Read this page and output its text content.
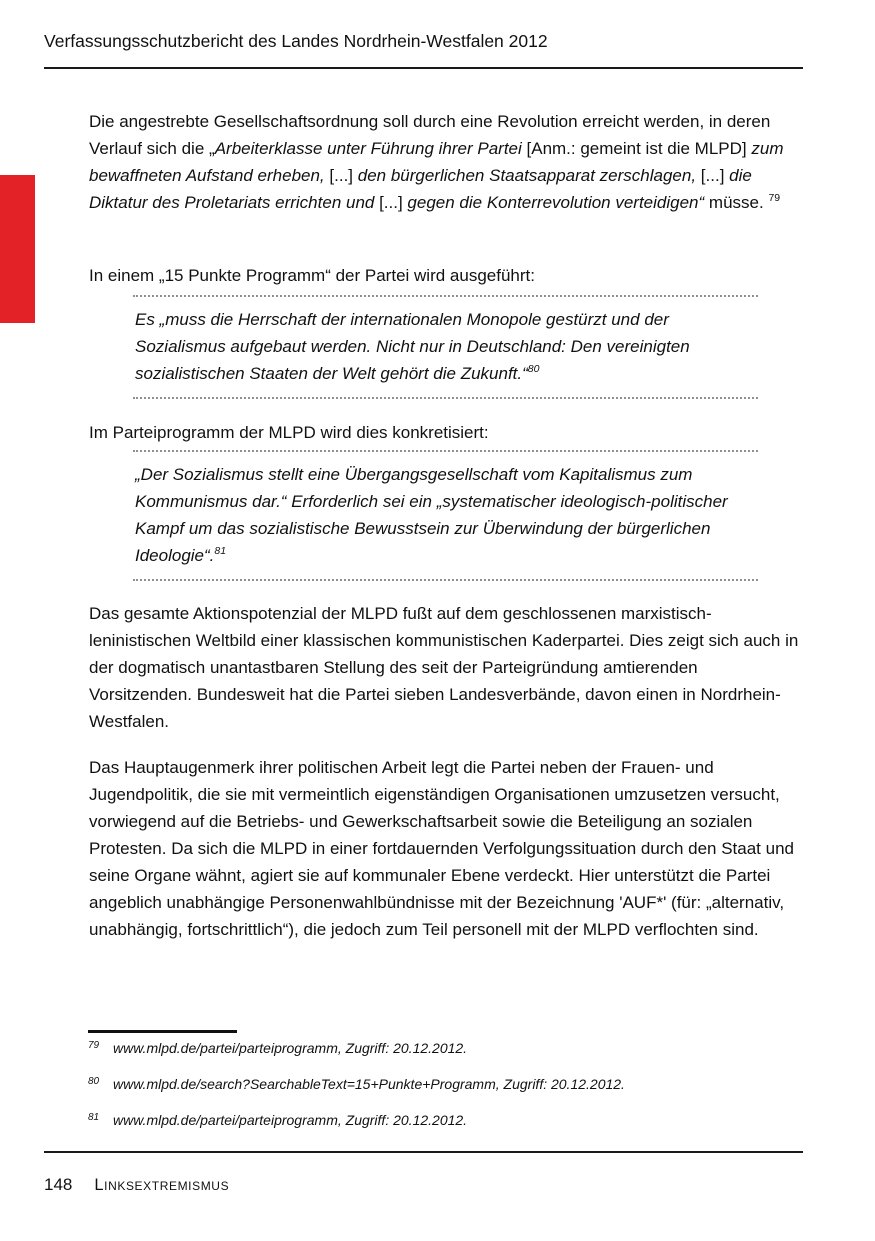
Verfassungsschutzbericht des Landes Nordrhein-Westfalen 2012
Die angestrebte Gesellschaftsordnung soll durch eine Revolution erreicht werden, in deren Verlauf sich die „Arbeiterklasse unter Führung ihrer Partei [Anm.: gemeint ist die MLPD] zum bewaffneten Aufstand erheben, [...] den bürgerlichen Staatsapparat zerschlagen, [...] die Diktatur des Proletariats errichten und [...] gegen die Konterrevolution verteidigen“ müsse. $^{79}$
In einem „15 Punkte Programm“ der Partei wird ausgeführt:
Es „muss die Herrschaft der internationalen Monopole gestürzt und der Sozialismus aufgebaut werden. Nicht nur in Deutschland: Den vereinigten sozialistischen Staaten der Welt gehört die Zukunft.“$^{80}$
Im Parteiprogramm der MLPD wird dies konkretisiert:
„Der Sozialismus stellt eine Übergangsgesellschaft vom Kapitalismus zum Kommunismus dar.“ Erforderlich sei ein „systematischer ideologisch-politischer Kampf um das sozialistische Bewusstsein zur Überwindung der bürgerlichen Ideologie“.$^{81}$
Das gesamte Aktionspotenzial der MLPD fußt auf dem geschlossenen marxistisch-leninistischen Weltbild einer klassischen kommunistischen Kaderpartei. Dies zeigt sich auch in der dogmatisch unantastbaren Stellung des seit der Parteigründung amtierenden Vorsitzenden. Bundesweit hat die Partei sieben Landesverbände, davon einen in Nordrhein-Westfalen.
Das Hauptaugenmerk ihrer politischen Arbeit legt die Partei neben der Frauen- und Jugendpolitik, die sie mit vermeintlich eigenständigen Organisationen umzusetzen versucht, vorwiegend auf die Betriebs- und Gewerkschaftsarbeit sowie die Beteiligung an sozialen Protesten. Da sich die MLPD in einer fortdauernden Verfolgungssituation durch den Staat und seine Organe wähnt, agiert sie auf kommunaler Ebene verdeckt. Hier unterstützt die Partei angeblich unabhängige Personenwahlbündnisse mit der Bezeichnung 'AUF*' (für: „alternativ, unabhängig, fortschrittlich“), die jedoch zum Teil personell mit der MLPD verflochten sind.
79 www.mlpd.de/partei/parteiprogramm, Zugriff: 20.12.2012.
80 www.mlpd.de/search?SearchableText=15+Punkte+Programm, Zugriff: 20.12.2012.
81 www.mlpd.de/partei/parteiprogramm, Zugriff: 20.12.2012.
148 Linksextremismus
